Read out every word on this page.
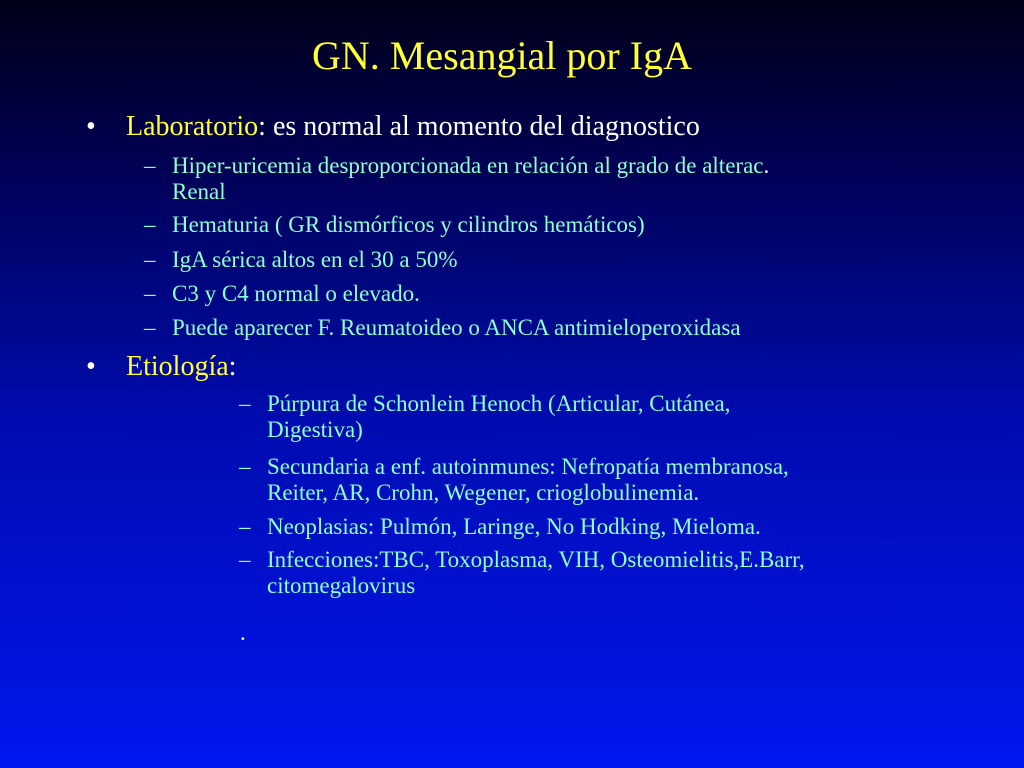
GN. Mesangial por IgA
• Laboratorio: es normal al momento del diagnostico
– Hiper-uricemia desproporcionada en relación al grado de alterac.
Renal
– Hematuria ( GR dismórficos y cilindros hemáticos)
– IgA sérica altos en el 30 a 50%
– C3 y C4 normal o elevado.
– Puede aparecer F. Reumatoideo o ANCA antimieloperoxidasa
• Etiología:
– Púrpura de Schonlein Henoch (Articular, Cutánea,
Digestiva)
– Secundaria a enf. autoinmunes: Nefropatía membranosa,
Reiter, AR, Crohn, Wegener, crioglobulinemia.
– Neoplasias: Pulmón, Laringe, No Hodking, Mieloma.
– Infecciones:TBC, Toxoplasma, VIH, Osteomielitis,E.Barr,
citomegalovirus
.
